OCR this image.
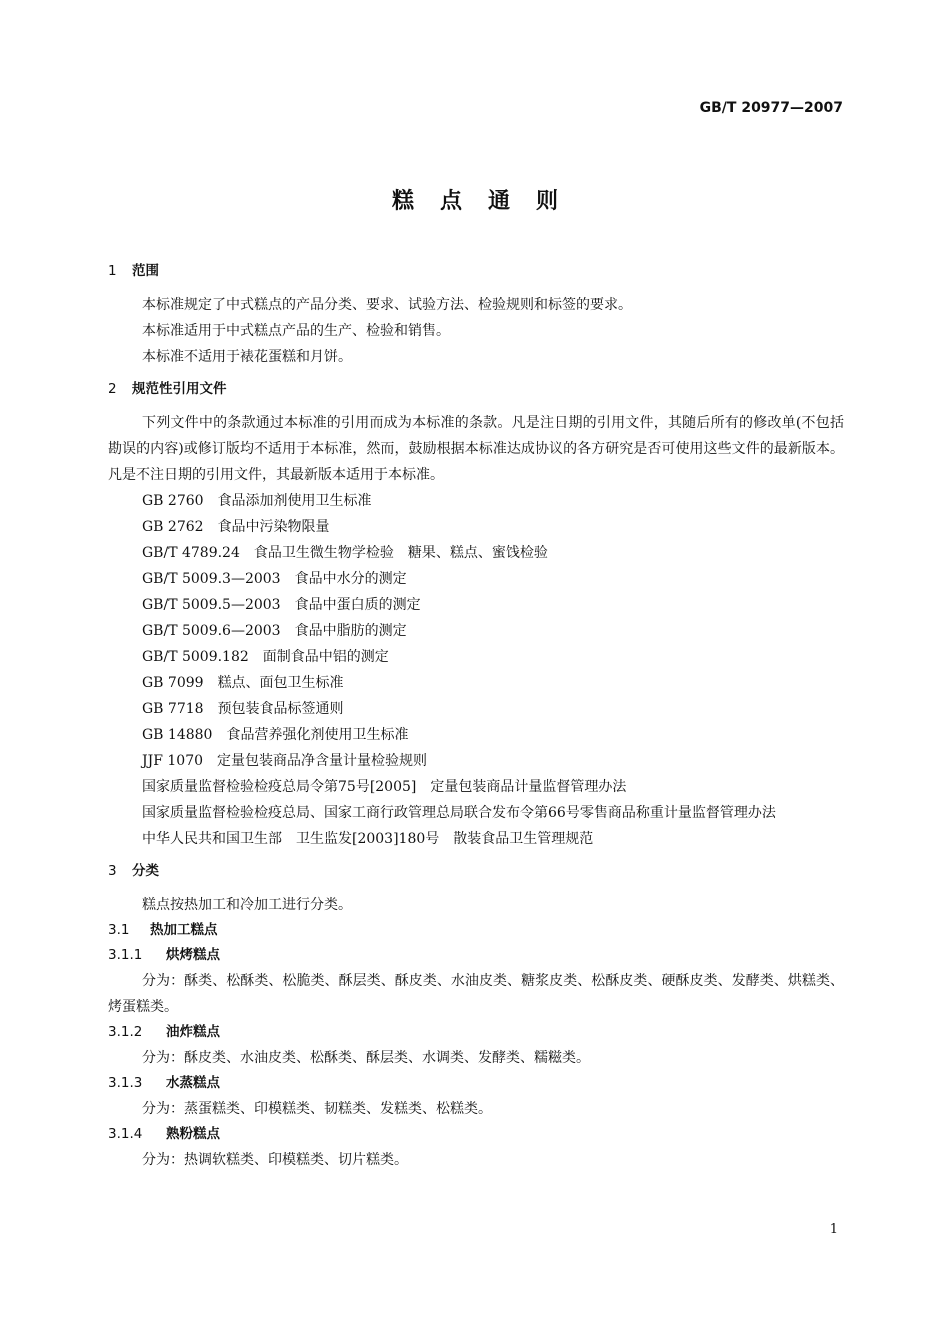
GB/T 20977—2007
糕点通则
1 范围

本标准规定了中式糕点的产品分类、要求、试验方法、检验规则和标签的要求。

本标准适用于中式糕点产品的生产、检验和销售。

本标准不适用于裱花蛋糕和月饼。

2 规范性引用文件

下列文件中的条款通过本标准的引用而成为本标准的条款。凡是注日期的引用文件，其随后所有的修改单(不包括勘误的内容)或修订版均不适用于本标准，然而，鼓励根据本标准达成协议的各方研究是否可使用这些文件的最新版本。凡是不注日期的引用文件，其最新版本适用于本标准。

GB 2760 食品添加剂使用卫生标准

GB 2762 食品中污染物限量

GB/T 4789.24 食品卫生微生物学检验　糖果、糕点、蜜饯检验

GB/T 5009.3—2003 食品中水分的测定

GB/T 5009.5—2003 食品中蛋白质的测定

GB/T 5009.6—2003 食品中脂肪的测定

GB/T 5009.182 面制食品中铝的测定

GB 7099 糕点、面包卫生标准

GB 7718 预包装食品标签通则

GB 14880 食品营养强化剂使用卫生标准

JJF 1070 定量包装商品净含量计量检验规则

国家质量监督检验检疫总局令第75号[2005] 定量包装商品计量监督管理办法

国家质量监督检验检疫总局、国家工商行政管理总局联合发布令第66号零售商品称重计量监督管理办法

中华人民共和国卫生部　卫生监发[2003]180号 散装食品卫生管理规范

3 分类

糕点按热加工和冷加工进行分类。

3.1 热加工糕点
3.1.1 烘烤糕点

分为：酥类、松酥类、松脆类、酥层类、酥皮类、水油皮类、糖浆皮类、松酥皮类、硬酥皮类、发酵类、烘糕类、烤蛋糕类。

3.1.2 油炸糕点

分为：酥皮类、水油皮类、松酥类、酥层类、水调类、发酵类、糯糍类。

3.1.3 水蒸糕点

分为：蒸蛋糕类、印模糕类、韧糕类、发糕类、松糕类。

3.1.4 熟粉糕点

分为：热调软糕类、印模糕类、切片糕类。

1
